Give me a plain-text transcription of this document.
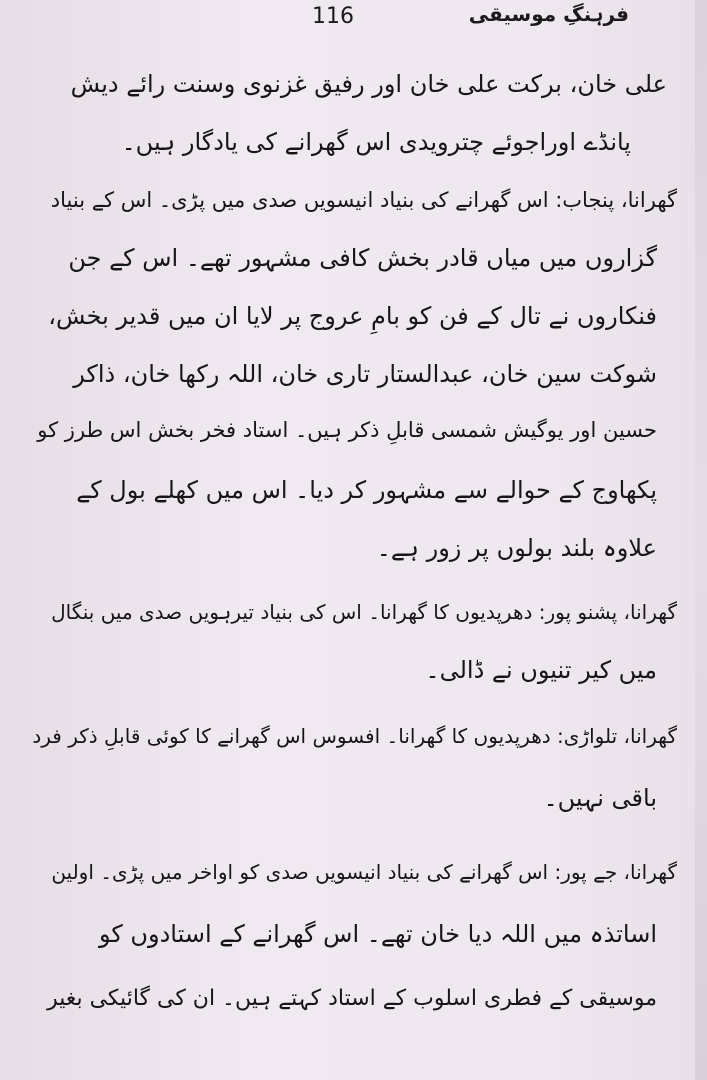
116	فرہنگِ موسیقی
علی خان، برکت علی خان اور رفیق غزنوی وسنت رائے دیش
پانڈے اوراجوئے چترویدی اس گھرانے کی یادگار ہیں۔
گھرانا، پنجاب: اس گھرانے کی بنیاد انیسویں صدی میں پڑی۔ اس کے بنیاد
گزاروں میں میاں قادر بخش کافی مشہور تھے۔ اس کے جن
فنکاروں نے تال کے فن کو بامِ عروج پر لایا ان میں قدیر بخش،
شوکت سین خان، عبدالستار تاری خان، اللہ رکھا خان، ذاکر
حسین اور یوگیش شمسی قابلِ ذکر ہیں۔ استاد فخر بخش اس طرز کو
پکھاوج کے حوالے سے مشہور کر دیا۔ اس میں کھلے بول کے
علاوہ بلند بولوں پر زور ہے۔
گھرانا، پشنو پور: دھرپدیوں کا گھرانا۔ اس کی بنیاد تیرہویں صدی میں بنگال
میں کیر تنیوں نے ڈالی۔
گھرانا، تلواڑی: دھرپدیوں کا گھرانا۔ افسوس اس گھرانے کا کوئی قابلِ ذکر فرد
باقی نہیں۔
گھرانا، جے پور: اس گھرانے کی بنیاد انیسویں صدی کو اواخر میں پڑی۔ اولین
اساتذہ میں اللہ دیا خان تھے۔ اس گھرانے کے استادوں کو
موسیقی کے فطری اسلوب کے استاد کہتے ہیں۔ ان کی گائیکی بغیر
